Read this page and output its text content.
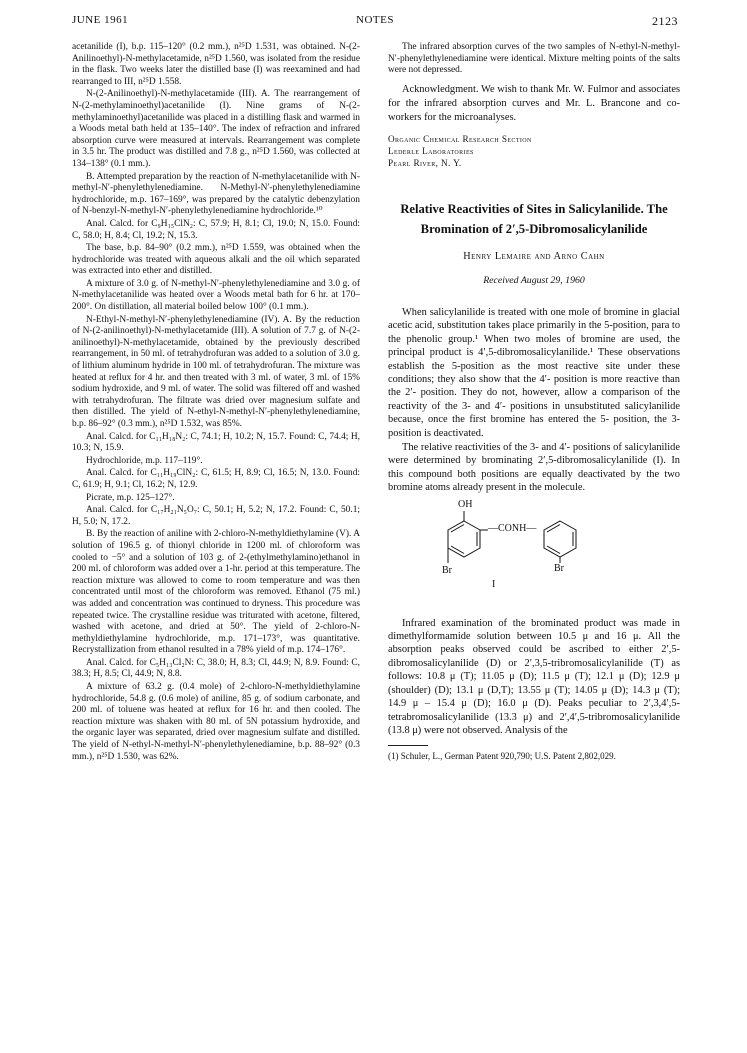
JUNE 1961	NOTES	2123

acetanilide (I), b.p. 115–120° (0.2 mm.), n²⁵D 1.531, was obtained. N-(2-Anilinoethyl)-N-methylacetamide, n²⁵D 1.560, was isolated from the residue in the flask. Two weeks later the distilled base (I) was reexamined and had rearranged to III, n²⁵D 1.558.

N-(2-Anilinoethyl)-N-methylacetamide (III). A. The rearrangement of N-(2-methylaminoethyl)acetanilide (I). Nine grams of N-(2-methylaminoethyl)acetanilide was placed in a distilling flask and warmed in a Woods metal bath held at 135–140°. The index of refraction and infrared absorption curve were measured at intervals. Rearrangement was complete in 3.5 hr. The product was distilled and 7.8 g., n²⁵D 1.560, was collected at 134–138° (0.1 mm.).

B. Attempted preparation by the reaction of N-methylacetanilide with N-methyl-N′-phenylethylenediamine. N-Methyl-N′-phenylethylenediamine hydrochloride, m.p. 167–169°, was prepared by the catalytic debenzylation of N-benzyl-N-methyl-N′-phenylethylenediamine hydrochloride.¹⁰

Anal. Calcd. for C₉H₁₅ClN₂: C, 57.9; H, 8.1; Cl, 19.0; N, 15.0. Found: C, 58.0; H, 8.4; Cl, 19.2; N, 15.3.

The base, b.p. 84–90° (0.2 mm.), n²⁵D 1.559, was obtained when the hydrochloride was treated with aqueous alkali and the oil which separated was extracted into ether and distilled.

A mixture of 3.0 g. of N-methyl-N′-phenylethylenediamine and 3.0 g. of N-methylacetanilide was heated over a Woods metal bath for 6 hr. at 170–200°. On distillation, all material boiled below 100° (0.1 mm.).

N-Ethyl-N-methyl-N′-phenylethylenediamine (IV). A. By the reduction of N-(2-anilinoethyl)-N-methylacetamide (III). A solution of 7.7 g. of N-(2-anilinoethyl)-N-methylacetamide, obtained by the previously described rearrangement, in 50 ml. of tetrahydrofuran was added to a solution of 3.0 g. of lithium aluminum hydride in 100 ml. of tetrahydrofuran. The mixture was heated at reflux for 4 hr. and then treated with 3 ml. of water, 3 ml. of 15% sodium hydroxide, and 9 ml. of water. The solid was filtered off and washed with tetrahydrofuran. The filtrate was dried over magnesium sulfate and then distilled. The yield of N-ethyl-N-methyl-N′-phenylethylenediamine, b.p. 86–92° (0.3 mm.), n²⁵D 1.532, was 85%.

Anal. Calcd. for C₁₁H₁₈N₂: C, 74.1; H, 10.2; N, 15.7. Found: C, 74.4; H, 10.3; N, 15.9.

Hydrochloride, m.p. 117–119°.

Anal. Calcd. for C₁₁H₁₉ClN₂: C, 61.5; H, 8.9; Cl, 16.5; N, 13.0. Found: C, 61.9; H, 9.1; Cl, 16.2; N, 12.9.

Picrate, m.p. 125–127°.

Anal. Calcd. for C₁₇H₂₁N₅O₇: C, 50.1; H, 5.2; N, 17.2. Found: C, 50.1; H, 5.0; N, 17.2.

B. By the reaction of aniline with 2-chloro-N-methyldiethylamine (V). A solution of 196.5 g. of thionyl chloride in 1200 ml. of chloroform was cooled to −5° and a solution of 103 g. of 2-(ethylmethylamino)ethanol in 200 ml. of chloroform was added over a 1-hr. period at this temperature. The reaction mixture was allowed to come to room temperature and was then concentrated until most of the chloroform was removed. Ethanol (75 ml.) was added and concentration was continued to dryness. This procedure was repeated twice. The crystalline residue was triturated with acetone, filtered, washed with acetone, and dried at 50°. The yield of 2-chloro-N-methyldiethylamine hydrochloride, m.p. 171–173°, was quantitative. Recrystallization from ethanol resulted in a 78% yield of m.p. 174–176°.

Anal. Calcd. for C₅H₁₃Cl₂N: C, 38.0; H, 8.3; Cl, 44.9; N, 8.9. Found: C, 38.3; H, 8.5; Cl, 44.9; N, 8.8.

A mixture of 63.2 g. (0.4 mole) of 2-chloro-N-methyldiethylamine hydrochloride, 54.8 g. (0.6 mole) of aniline, 85 g. of sodium carbonate, and 200 ml. of toluene was heated at reflux for 16 hr. and then cooled. The reaction mixture was shaken with 80 ml. of 5N potassium hydroxide, and the organic layer was separated, dried over magnesium sulfate and distilled. The yield of N-ethyl-N-methyl-N′-phenylethylenediamine, b.p. 88–92° (0.3 mm.), n²⁵D 1.530, was 62%.

The infrared absorption curves of the two samples of N-ethyl-N-methyl-N′-phenylethylenediamine were identical. Mixture melting points of the salts were not depressed.

Acknowledgment. We wish to thank Mr. W. Fulmor and associates for the infrared absorption curves and Mr. L. Brancone and co-workers for the microanalyses.

Organic Chemical Research Section
Lederle Laboratories
Pearl River, N. Y.
Relative Reactivities of Sites in Salicylanilide. The Bromination of 2′,5-Dibromosalicylanilide
Henry Lemaire and Arno Cahn
Received August 29, 1960

When salicylanilide is treated with one mole of bromine in glacial acetic acid, substitution takes place primarily in the 5-position, para to the phenolic group.¹ When two moles of bromine are used, the principal product is 4′,5-dibromosalicylanilide.¹ These observations establish the 5-position as the most reactive site under these conditions; they also show that the 4′- position is more reactive than the 2′- position. They do not, however, allow a comparison of the reactivity of the 3- and 4′- positions in unsubstituted salicylanilide because, once the first bromine has entered the 5- position, the 3- position is deactivated.

The relative reactivities of the 3- and 4′- positions of salicylanilide were determined by brominating 2′,5-dibromosalicylanilide (I). In this compound both positions are equally deactivated by the two bromine atoms already present in the molecule.

OH
—CONH—
Br
Br
I

Infrared examination of the brominated product was made in dimethylformamide solution between 10.5 μ and 16 μ. All the absorption peaks observed could be ascribed to either 2′,5-dibromosalicylanilide (D) or 2′,3,5-tribromosalicylanilide (T) as follows: 10.8 μ (T); 11.05 μ (D); 11.5 μ (T); 12.1 μ (D); 12.9 μ (shoulder) (D); 13.1 μ (D,T); 13.55 μ (T); 14.05 μ (D); 14.3 μ (T); 14.9 μ – 15.4 μ (D); 16.0 μ (D). Peaks peculiar to 2′,3,4′,5-tetrabromosalicylanilide (13.3 μ) and 2′,4′,5-tribromosalicylanilide (13.8 μ) were not observed. Analysis of the

(1) Schuler, L., German Patent 920,790; U.S. Patent 2,802,029.
